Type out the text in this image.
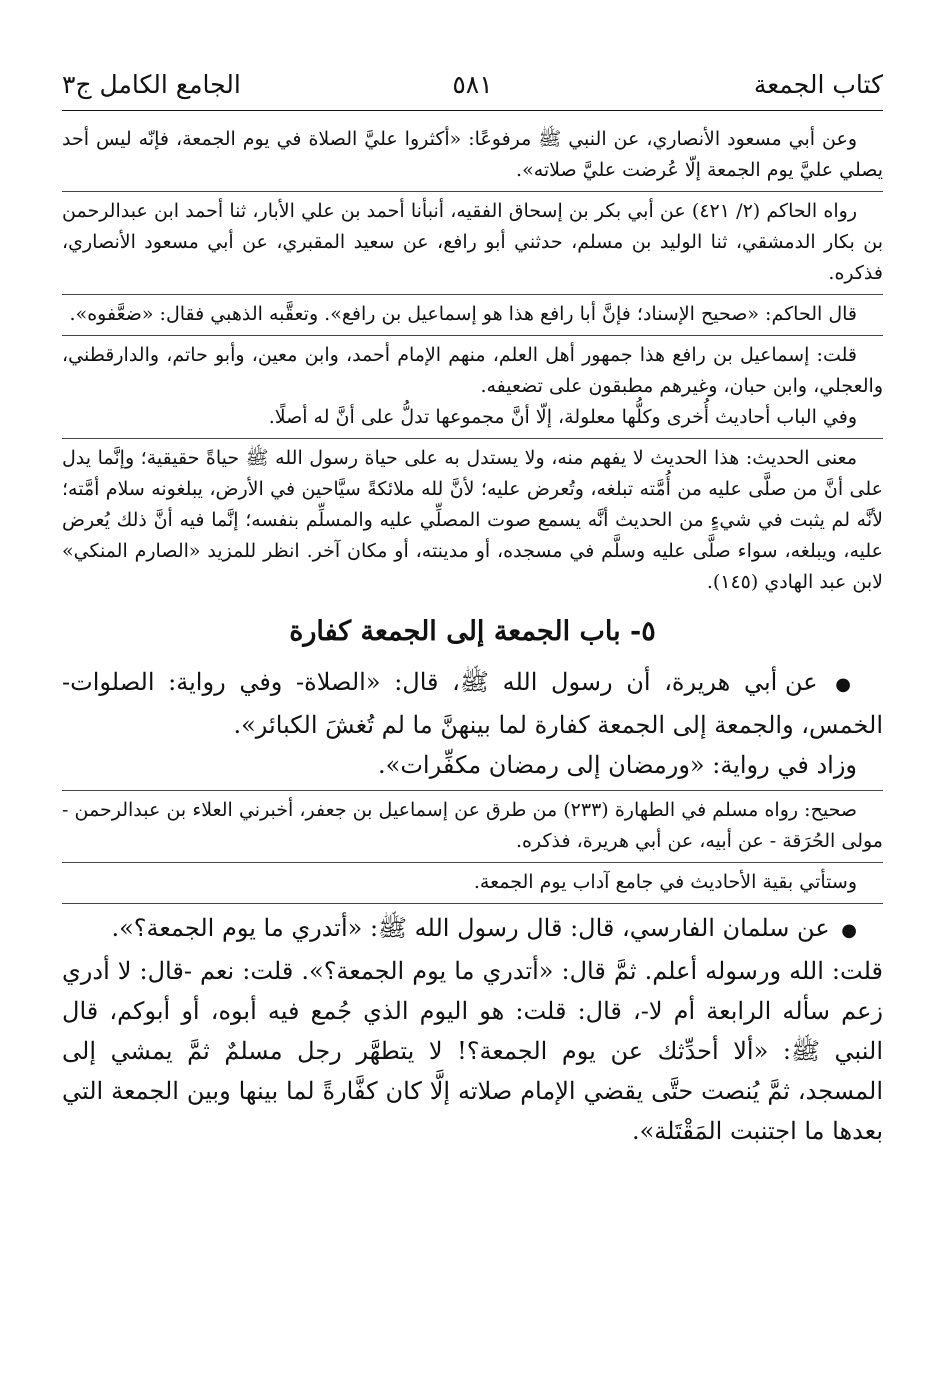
كتاب الجمعة
٥٨١
الجامع الكامل ج٣

وعن أبي مسعود الأنصاري، عن النبي ﷺ مرفوعًا: «أكثروا عليَّ الصلاة في يوم الجمعة، فإنّه ليس أحد يصلي عليَّ يوم الجمعة إلّا عُرضت عليَّ صلاته».

رواه الحاكم (٢/ ٤٢١) عن أبي بكر بن إسحاق الفقيه، أنبأنا أحمد بن علي الأبار، ثنا أحمد ابن عبدالرحمن بن بكار الدمشقي، ثنا الوليد بن مسلم، حدثني أبو رافع، عن سعيد المقبري، عن أبي مسعود الأنصاري، فذكره.

قال الحاكم: «صحيح الإسناد؛ فإنَّ أبا رافع هذا هو إسماعيل بن رافع». وتعقَّبه الذهبي فقال: «ضعَّفوه».

قلت: إسماعيل بن رافع هذا جمهور أهل العلم، منهم الإمام أحمد، وابن معين، وأبو حاتم، والدارقطني، والعجلي، وابن حبان، وغيرهم مطبقون على تضعيفه.

وفي الباب أحاديث أُخرى وكلُّها معلولة، إلّا أنَّ مجموعها تدلُّ على أنَّ له أصلًا.

معنى الحديث: هذا الحديث لا يفهم منه، ولا يستدل به على حياة رسول الله ﷺ حياةً حقيقية؛ وإنَّما يدل على أنَّ من صلَّى عليه من أُمَّته تبلغه، وتُعرض عليه؛ لأنَّ لله ملائكةً سيَّاحين في الأرض، يبلغونه سلام أمَّته؛ لأنَّه لم يثبت في شيءٍ من الحديث أنَّه يسمع صوت المصلِّي عليه والمسلِّم بنفسه؛ إنَّما فيه أنَّ ذلك يُعرض عليه، ويبلغه، سواء صلَّى عليه وسلَّم في مسجده، أو مدينته، أو مكان آخر. انظر للمزيد «الصارم المنكي» لابن عبد الهادي (١٤٥).

٥- باب الجمعة إلى الجمعة كفارة

● عن أبي هريرة، أن رسول الله ﷺ، قال: «الصلاة- وفي رواية: الصلوات- الخمس، والجمعة إلى الجمعة كفارة لما بينهنَّ ما لم تُغشَ الكبائر».

وزاد في رواية: «ورمضان إلى رمضان مكفِّرات».

صحيح: رواه مسلم في الطهارة (٢٣٣) من طرق عن إسماعيل بن جعفر، أخبرني العلاء بن عبدالرحمن - مولى الحُرَقة - عن أبيه، عن أبي هريرة، فذكره.

وستأتي بقية الأحاديث في جامع آداب يوم الجمعة.

● عن سلمان الفارسي، قال: قال رسول الله ﷺ: «أتدري ما يوم الجمعة؟».

قلت: الله ورسوله أعلم. ثمَّ قال: «أتدري ما يوم الجمعة؟». قلت: نعم -قال: لا أدري زعم سأله الرابعة أم لا-، قال: قلت: هو اليوم الذي جُمع فيه أبوه، أو أبوكم، قال النبي ﷺ: «ألا أحدِّثك عن يوم الجمعة؟! لا يتطهَّر رجل مسلمٌ ثمَّ يمشي إلى المسجد، ثمَّ يُنصت حتَّى يقضي الإمام صلاته إلَّا كان كفَّارةً لما بينها وبين الجمعة التي بعدها ما اجتنبت المَقْتَلة».
